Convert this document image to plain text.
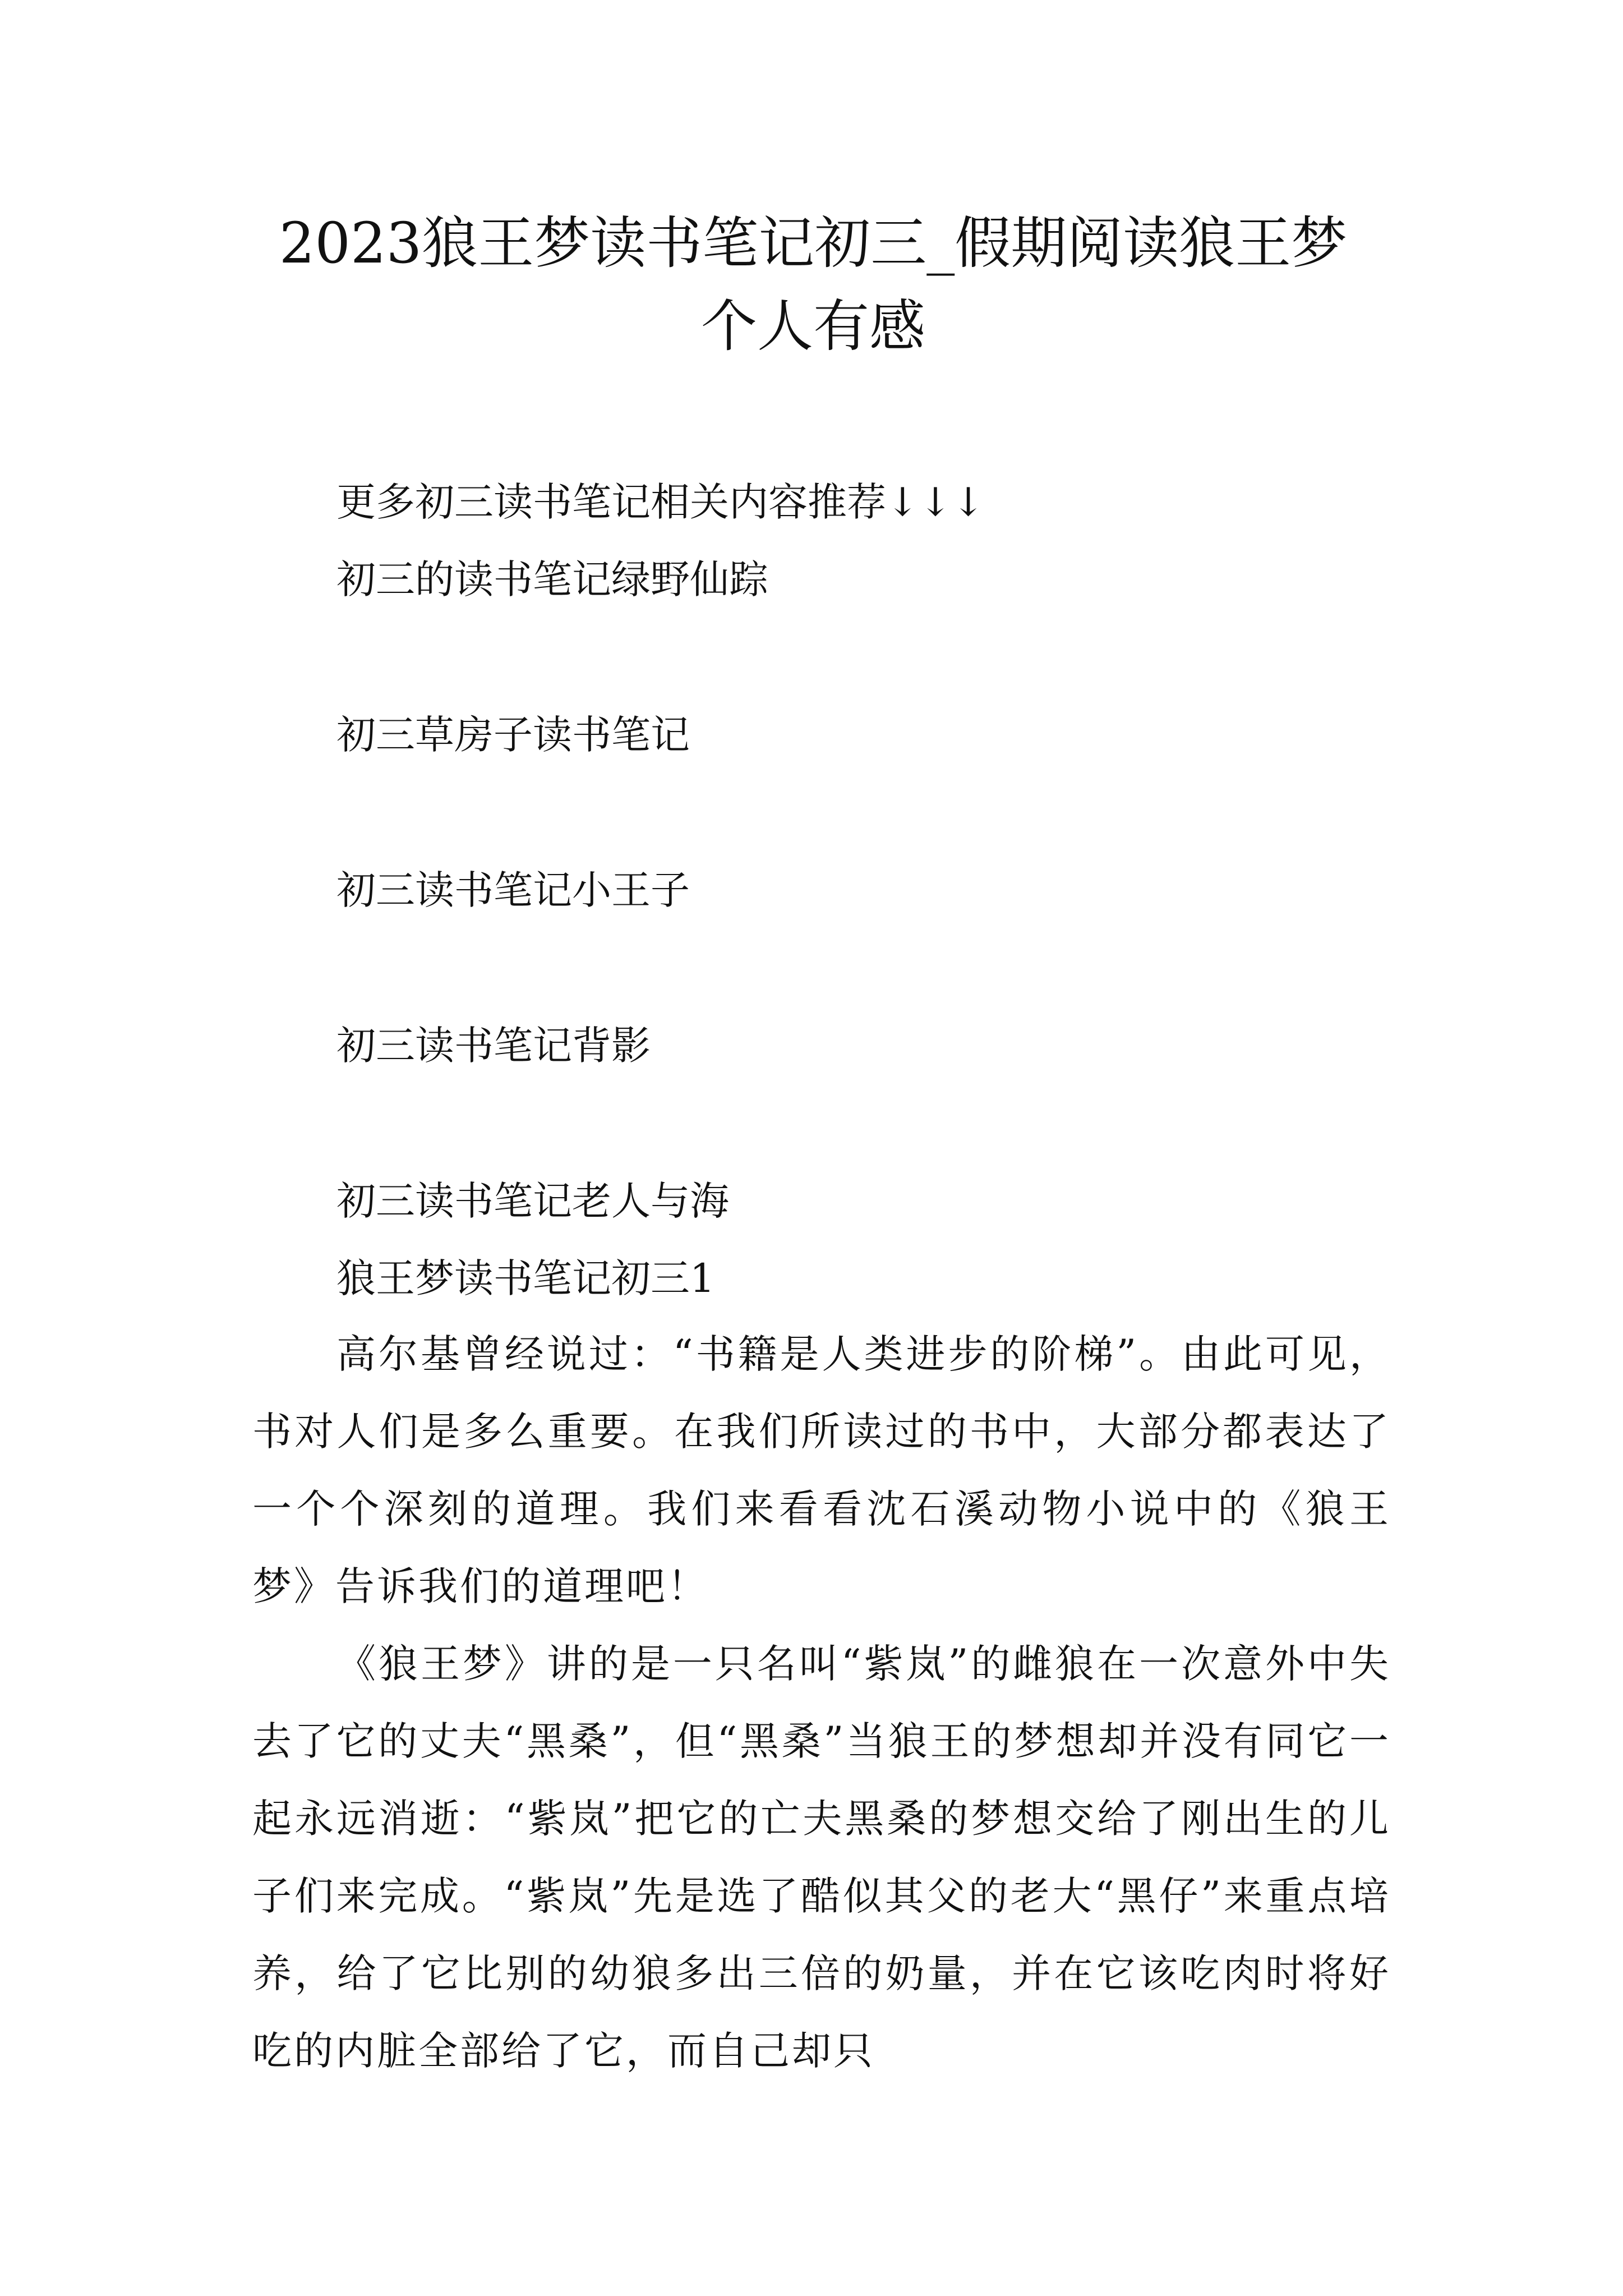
2023狼王梦读书笔记初三_假期阅读狼王梦
个人有感

更多初三读书笔记相关内容推荐↓↓↓

初三的读书笔记绿野仙踪

初三草房子读书笔记

初三读书笔记小王子

初三读书笔记背影

初三读书笔记老人与海

狼王梦读书笔记初三1

高尔基曾经说过：“书籍是人类进步的阶梯”。由此可见，书对人们是多么重要。在我们所读过的书中，大部分都表达了一个个深刻的道理。我们来看看沈石溪动物小说中的《狼王梦》告诉我们的道理吧！

《狼王梦》讲的是一只名叫“紫岚”的雌狼在一次意外中失去了它的丈夫“黑桑”，但“黑桑”当狼王的梦想却并没有同它一起永远消逝：“紫岚”把它的亡夫黑桑的梦想交给了刚出生的儿子们来完成。“紫岚”先是选了酷似其父的老大“黑仔”来重点培养，给了它比别的幼狼多出三倍的奶量，并在它该吃肉时将好吃的内脏全部给了它，而自己却只
